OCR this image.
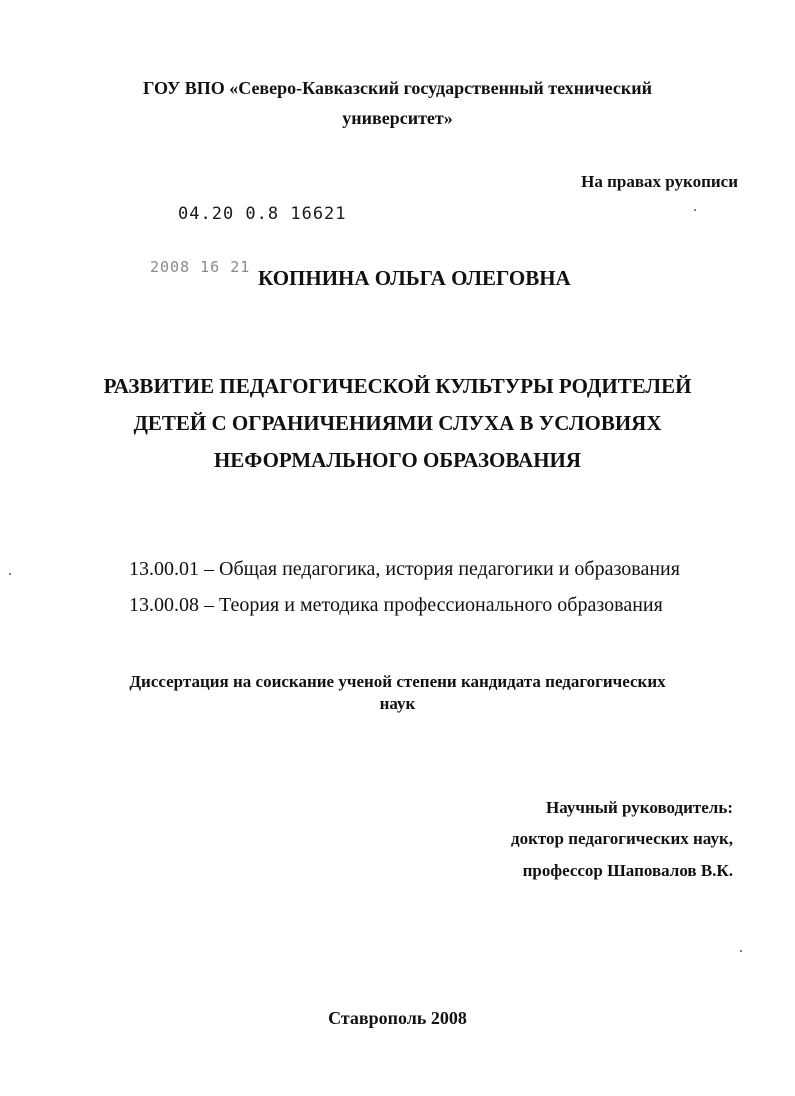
ГОУ ВПО «Северо-Кавказский государственный технический
университет»
На правах рукописи
04.20 0.8 16621
2008 16 21 КОПНИНА ОЛЬГА ОЛЕГОВНА
РАЗВИТИЕ ПЕДАГОГИЧЕСКОЙ КУЛЬТУРЫ РОДИТЕЛЕЙ
ДЕТЕЙ С ОГРАНИЧЕНИЯМИ СЛУХА В УСЛОВИЯХ
НЕФОРМАЛЬНОГО ОБРАЗОВАНИЯ
13.00.01 – Общая педагогика, история педагогики и образования
13.00.08 – Теория и методика профессионального образования
Диссертация на соискание ученой степени кандидата педагогических
наук
Научный руководитель:
доктор педагогических наук,
профессор Шаповалов В.К.
Ставрополь 2008
